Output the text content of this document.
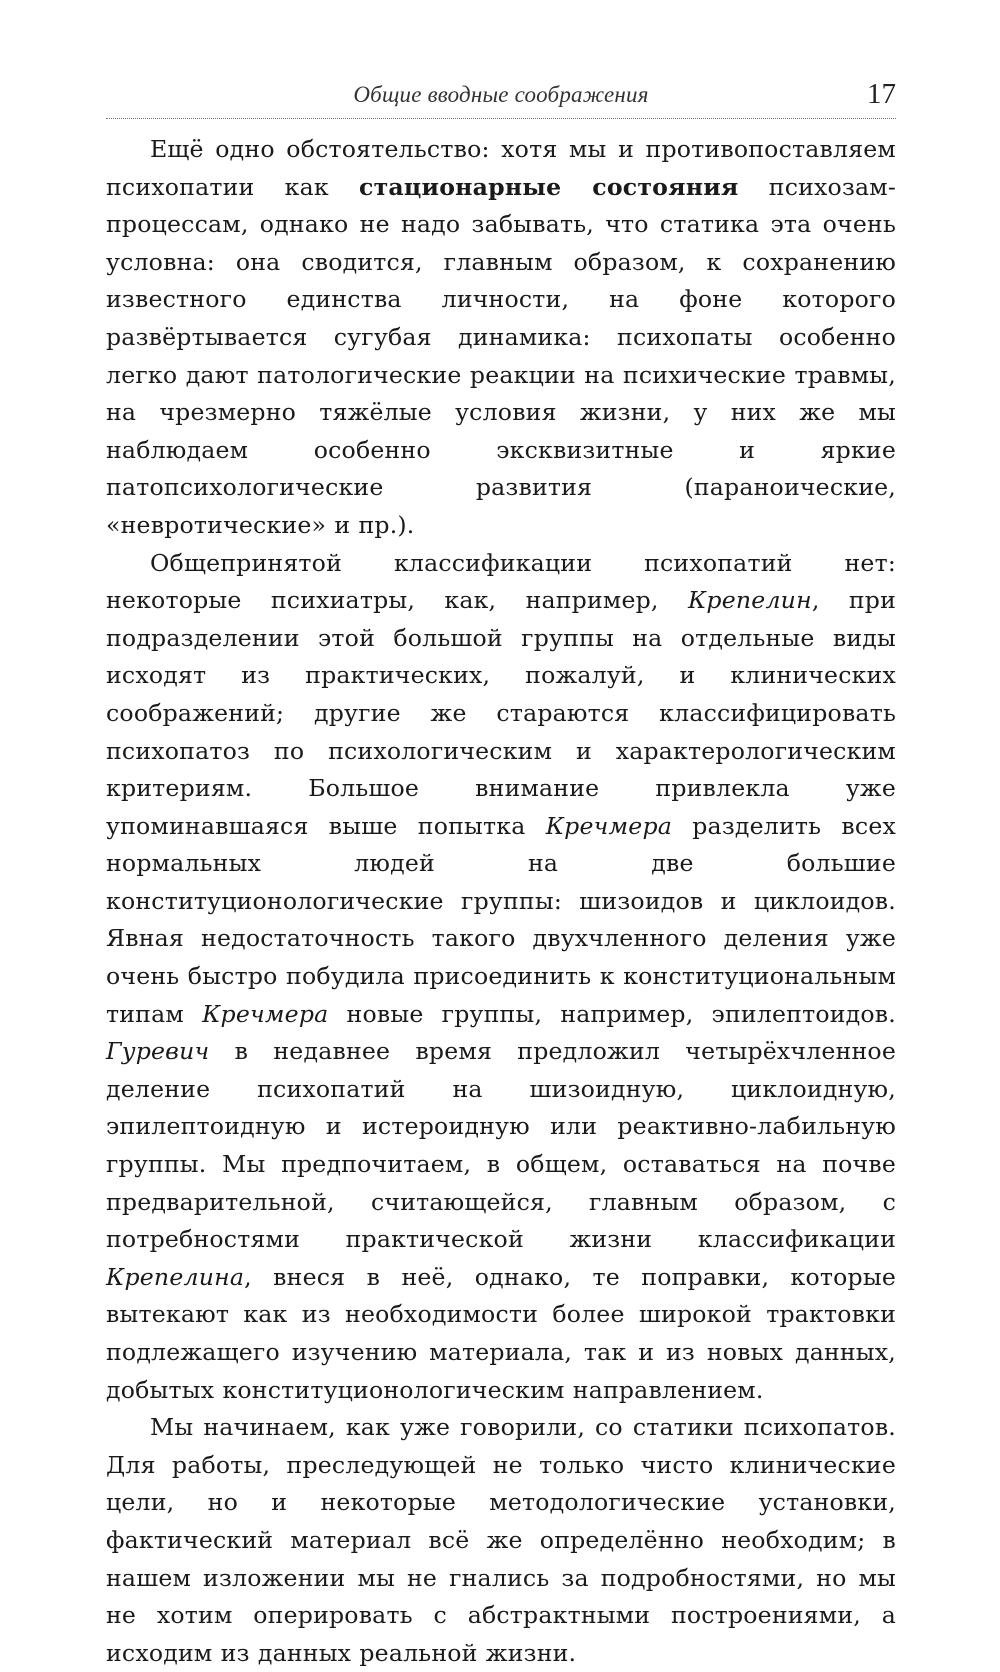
Общие вводные соображения	17

Ещё одно обстоятельство: хотя мы и противопоставляем психопатии как стационарные состояния психозам-процессам, однако не надо забывать, что статика эта очень условна: она сводится, главным образом, к сохранению известного единства личности, на фоне которого развёртывается сугубая динамика: психопаты особенно легко дают патологические реакции на психические травмы, на чрезмерно тяжёлые условия жизни, у них же мы наблюдаем особенно эксквизитные и яркие патопсихологические развития (параноические, «невротические» и пр.).

Общепринятой классификации психопатий нет: некоторые психиатры, как, например, Крепелин, при подразделении этой большой группы на отдельные виды исходят из практических, пожалуй, и клинических соображений; другие же стараются классифицировать психопатоз по психологическим и характерологическим критериям. Большое внимание привлекла уже упоминавшаяся выше попытка Кречмера разделить всех нормальных людей на две большие конституционологические группы: шизоидов и циклоидов. Явная недостаточность такого двухчленного деления уже очень быстро побудила присоединить к конституциональным типам Кречмера новые группы, например, эпилептоидов. Гуревич в недавнее время предложил четырёхчленное деление психопатий на шизоидную, циклоидную, эпилептоидную и истероидную или реактивно-лабильную группы. Мы предпочитаем, в общем, оставаться на почве предварительной, считающейся, главным образом, с потребностями практической жизни классификации Крепелина, внеся в неё, однако, те поправки, которые вытекают как из необходимости более широкой трактовки подлежащего изучению материала, так и из новых данных, добытых конституционологическим направлением.

Мы начинаем, как уже говорили, со статики психопатов. Для работы, преследующей не только чисто клинические цели, но и некоторые методологические установки, фактический материал всё же определённо необходим; в нашем изложении мы не гнались за подробностями, но мы не хотим оперировать с абстрактными построениями, а исходим из данных реальной жизни.
